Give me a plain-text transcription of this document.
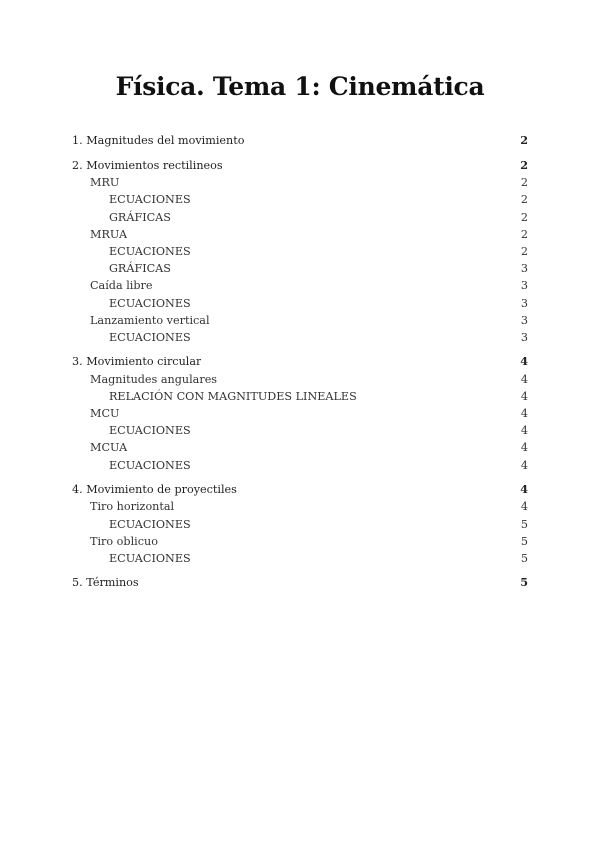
Física. Tema 1: Cinemática
1. Magnitudes del movimiento	2
2. Movimientos rectilineos	2
MRU	2
ECUACIONES	2
GRÁFICAS	2
MRUA	2
ECUACIONES	2
GRÁFICAS	3
Caída libre	3
ECUACIONES	3
Lanzamiento vertical	3
ECUACIONES	3
3. Movimiento circular	4
Magnitudes angulares	4
RELACIÓN CON MAGNITUDES LINEALES	4
MCU	4
ECUACIONES	4
MCUA	4
ECUACIONES	4
4. Movimiento de proyectiles	4
Tiro horizontal	4
ECUACIONES	5
Tiro oblicuo	5
ECUACIONES	5
5. Términos	5
